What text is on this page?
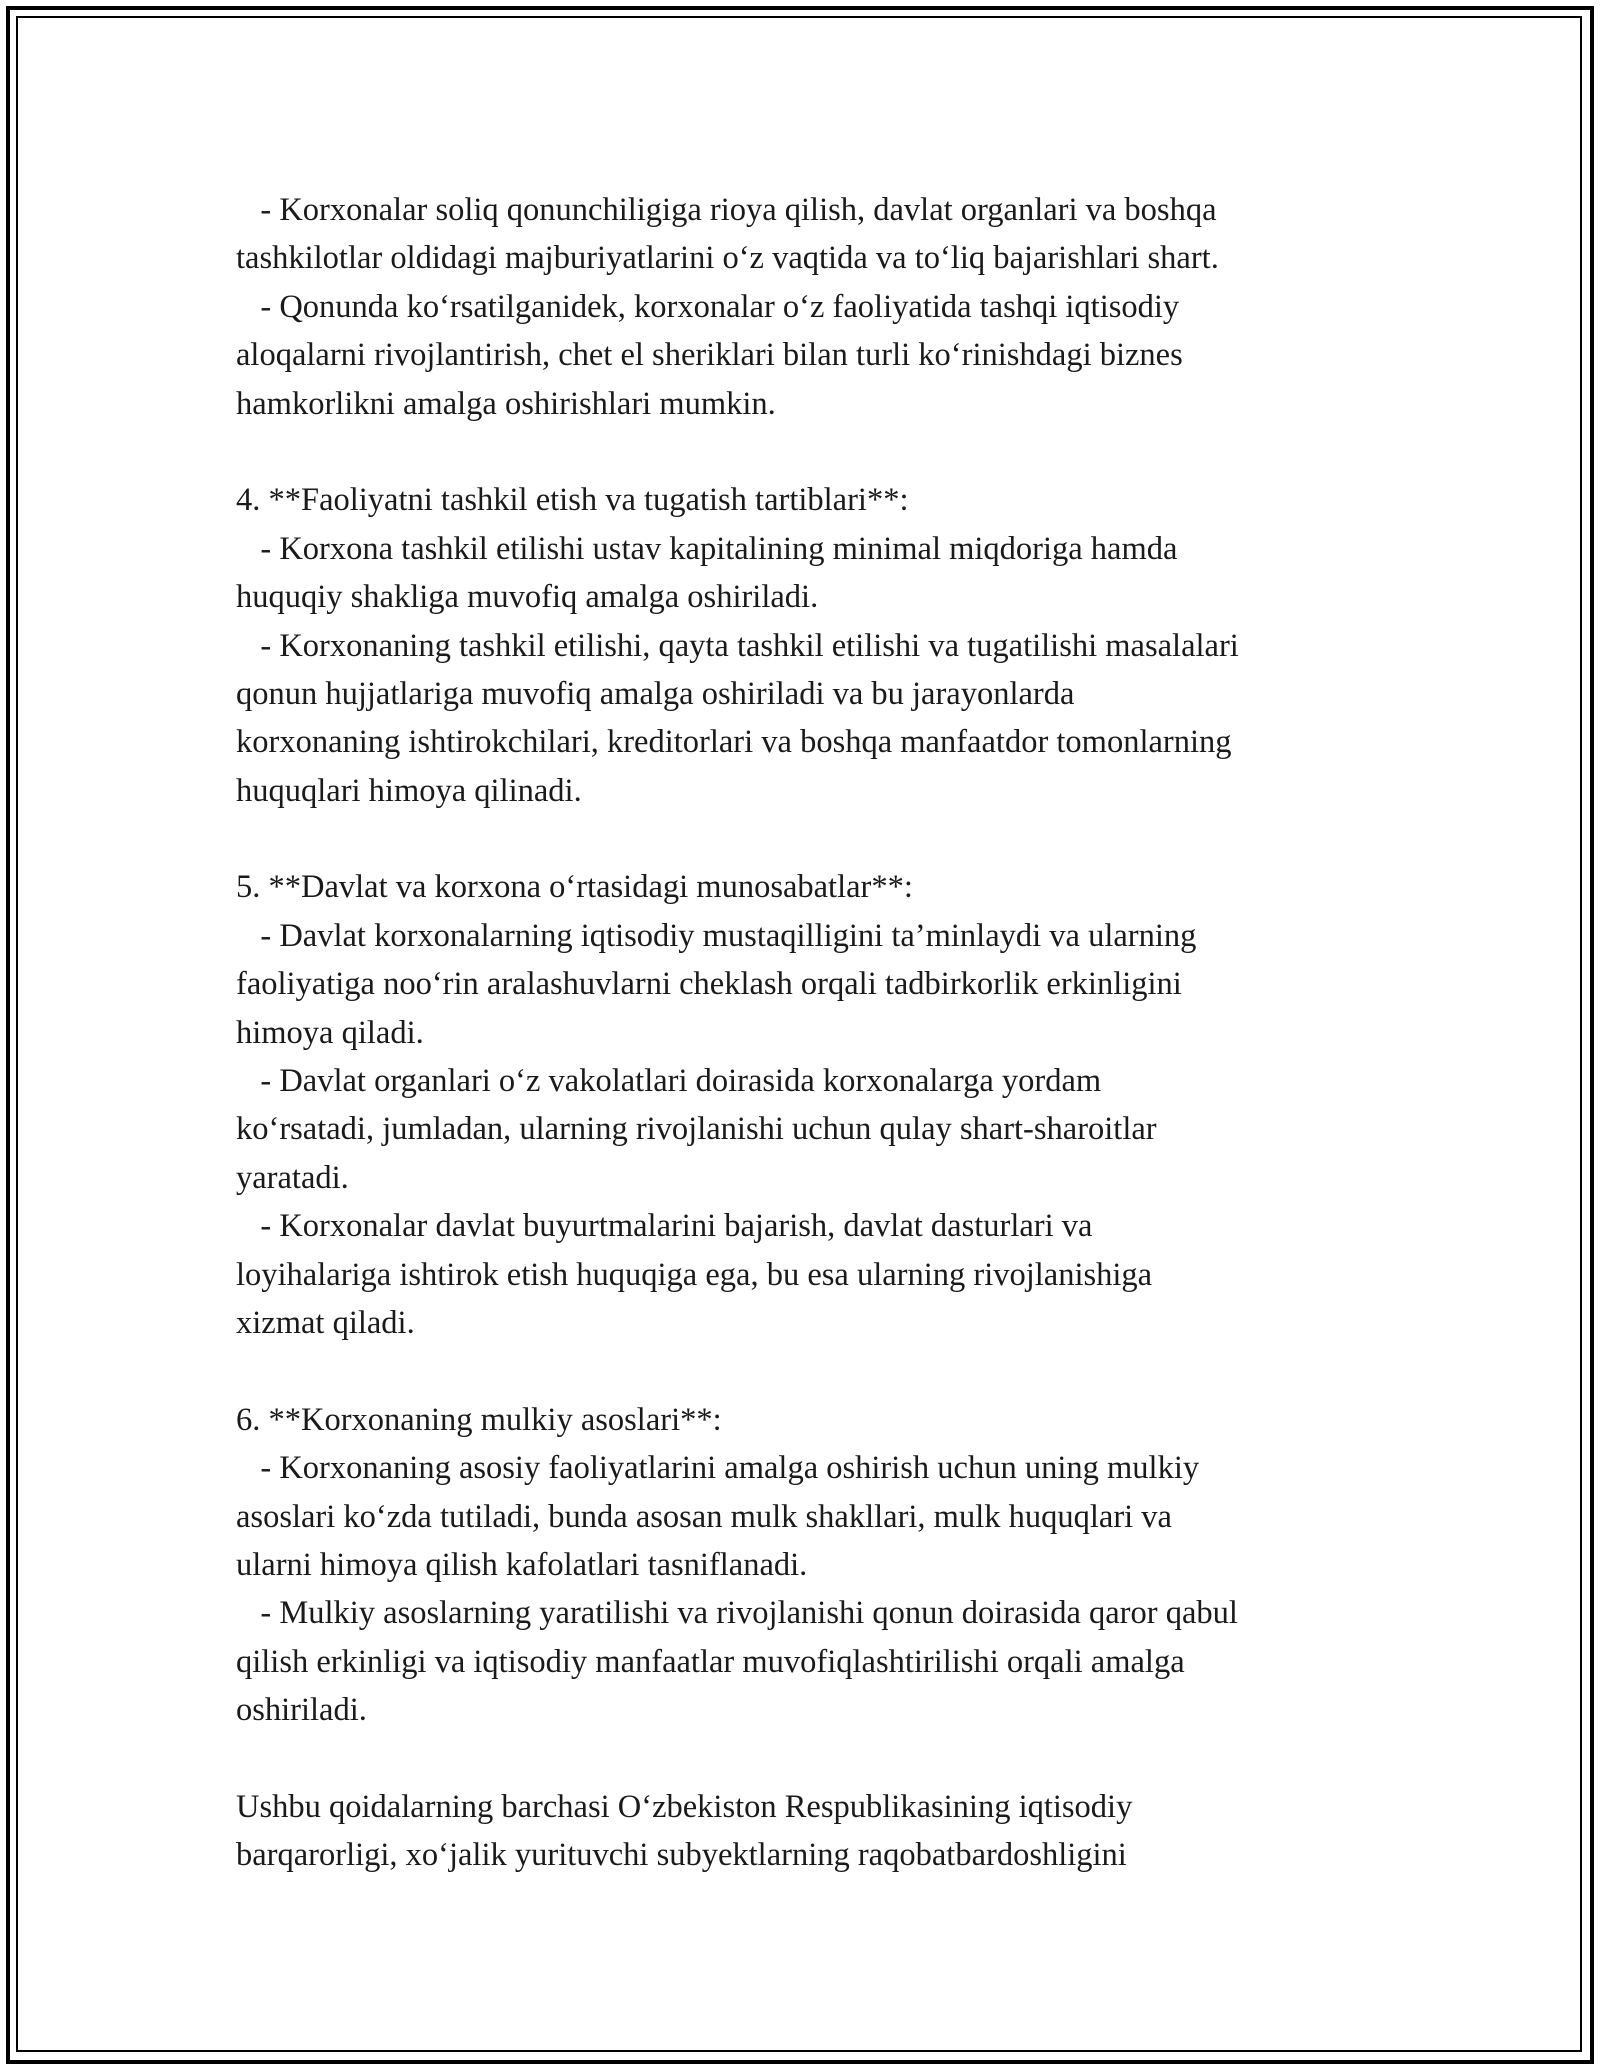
- Korxonalar soliq qonunchiligiga rioya qilish, davlat organlari va boshqa
tashkilotlar oldidagi majburiyatlarini oʻz vaqtida va toʻliq bajarishlari shart.
- Qonunda koʻrsatilganidek, korxonalar oʻz faoliyatida tashqi iqtisodiy
aloqalarni rivojlantirish, chet el sheriklari bilan turli koʻrinishdagi biznes
hamkorlikni amalga oshirishlari mumkin.
4. **Faoliyatni tashkil etish va tugatish tartiblari**:
- Korxona tashkil etilishi ustav kapitalining minimal miqdoriga hamda
huquqiy shakliga muvofiq amalga oshiriladi.
- Korxonaning tashkil etilishi, qayta tashkil etilishi va tugatilishi masalalari
qonun hujjatlariga muvofiq amalga oshiriladi va bu jarayonlarda
korxonaning ishtirokchilari, kreditorlari va boshqa manfaatdor tomonlarning
huquqlari himoya qilinadi.
5. **Davlat va korxona oʻrtasidagi munosabatlar**:
- Davlat korxonalarning iqtisodiy mustaqilligini ta’minlaydi va ularning
faoliyatiga nooʻrin aralashuvlarni cheklash orqali tadbirkorlik erkinligini
himoya qiladi.
- Davlat organlari oʻz vakolatlari doirasida korxonalarga yordam
koʻrsatadi, jumladan, ularning rivojlanishi uchun qulay shart-sharoitlar
yaratadi.
- Korxonalar davlat buyurtmalarini bajarish, davlat dasturlari va
loyihalariga ishtirok etish huquqiga ega, bu esa ularning rivojlanishiga
xizmat qiladi.
6. **Korxonaning mulkiy asoslari**:
- Korxonaning asosiy faoliyatlarini amalga oshirish uchun uning mulkiy
asoslari koʻzda tutiladi, bunda asosan mulk shakllari, mulk huquqlari va
ularni himoya qilish kafolatlari tasniflanadi.
- Mulkiy asoslarning yaratilishi va rivojlanishi qonun doirasida qaror qabul
qilish erkinligi va iqtisodiy manfaatlar muvofiqlashtirilishi orqali amalga
oshiriladi.
Ushbu qoidalarning barchasi Oʻzbekiston Respublikasining iqtisodiy
barqarorligi, xoʻjalik yurituvchi subyektlarning raqobatbardoshligini
